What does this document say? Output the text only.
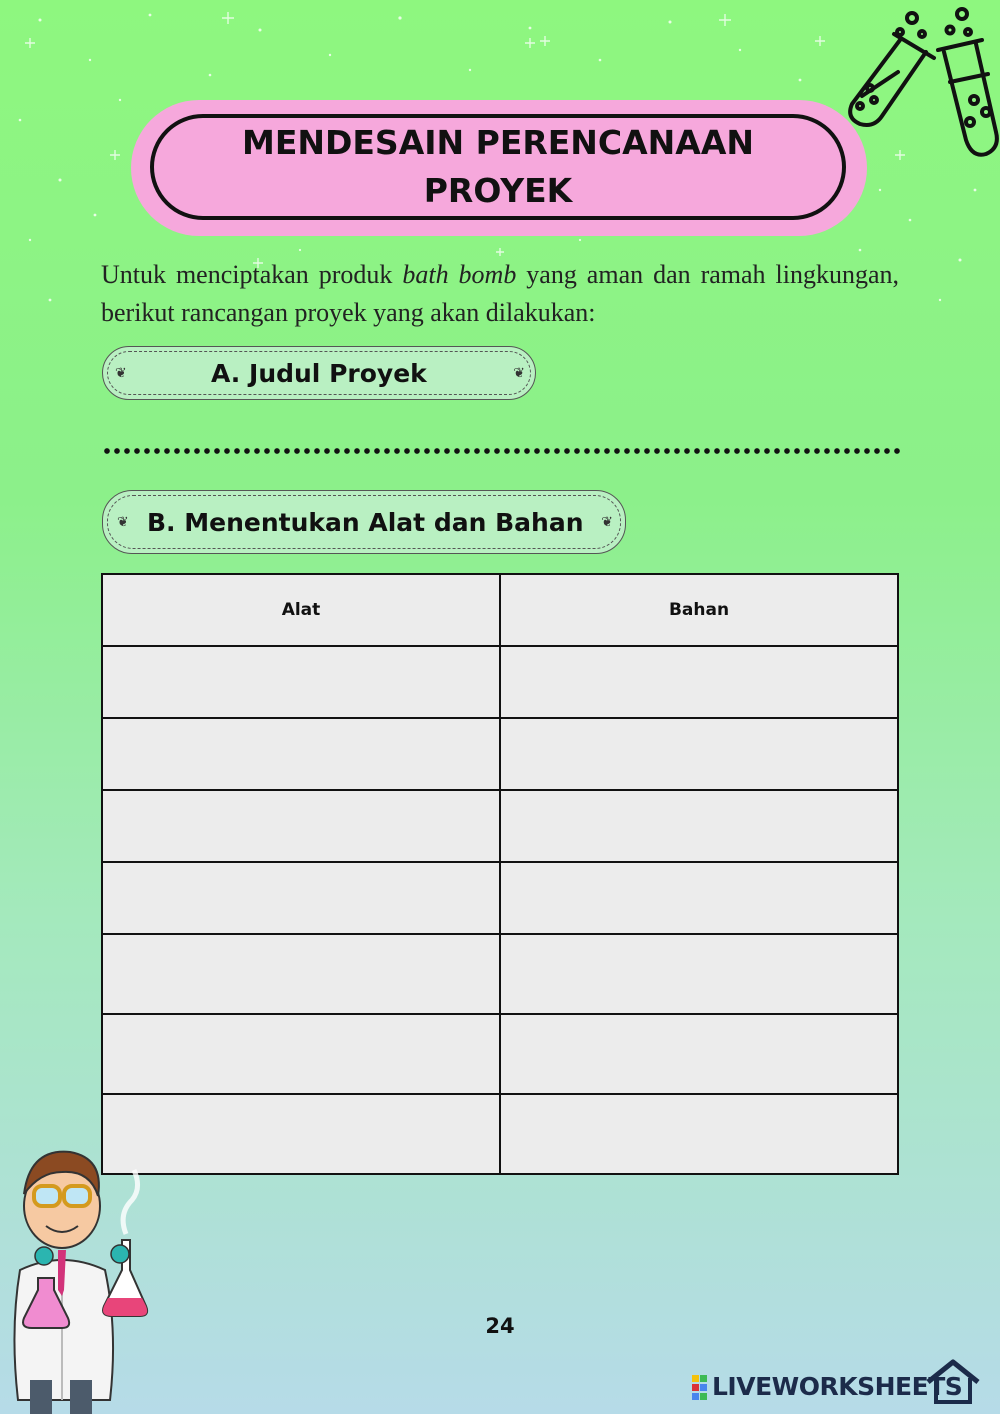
MENDESAIN PERENCANAAN PROYEK
Untuk menciptakan produk bath bomb yang aman dan ramah lingkungan, berikut rancangan proyek yang akan dilakukan:
❦	A. Judul Proyek	❦
❦ B. Menentukan Alat dan Bahan ❦
Alat	Bahan

24
LIVEWORKSHEETS
